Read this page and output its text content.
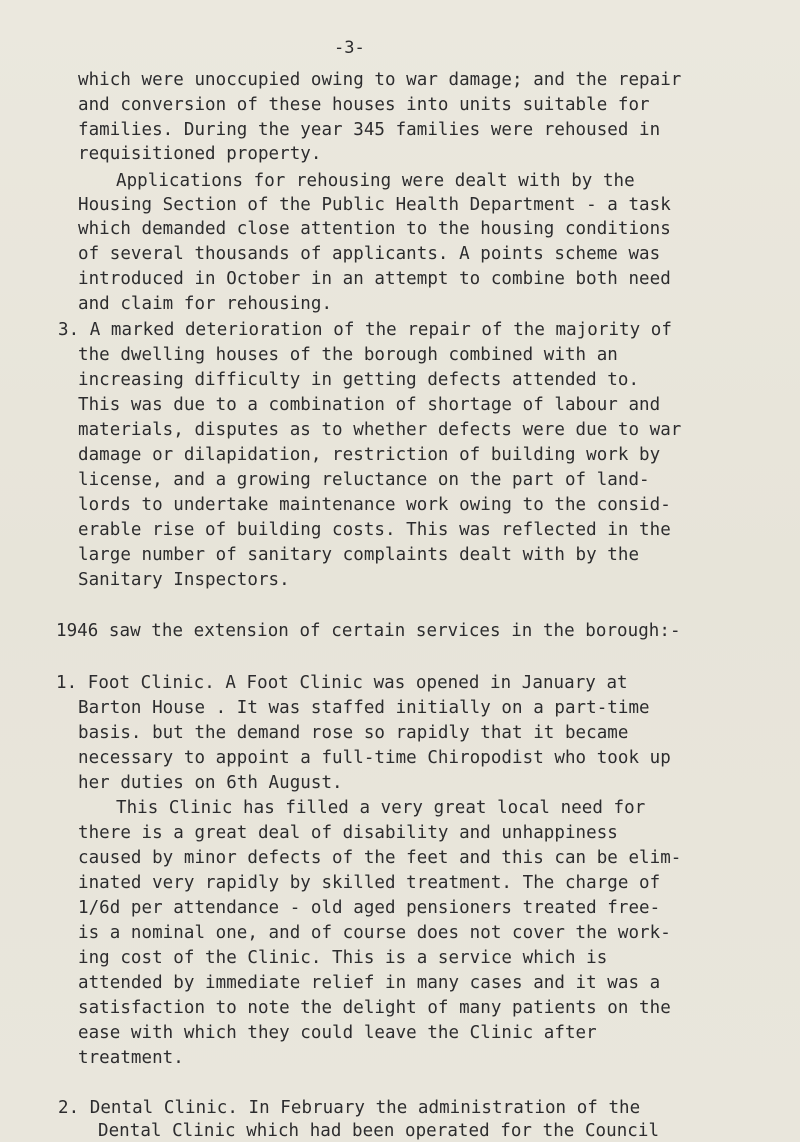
-3-
which were unoccupied owing to war damage; and the repair
and conversion of these houses into units suitable for
families. During the year 345 families were rehoused in
requisitioned property.
Applications for rehousing were dealt with by the
Housing Section of the Public Health Department - a task
which demanded close attention to the housing conditions
of several thousands of applicants. A points scheme was
introduced in October in an attempt to combine both need
and claim for rehousing.
3. A marked deterioration of the repair of the majority of
the dwelling houses of the borough combined with an
increasing difficulty in getting defects attended to.
This was due to a combination of shortage of labour and
materials, disputes as to whether defects were due to war
damage or dilapidation, restriction of building work by
license, and a growing reluctance on the part of land-
lords to undertake maintenance work owing to the consid-
erable rise of building costs. This was reflected in the
large number of sanitary complaints dealt with by the
Sanitary Inspectors.
1946 saw the extension of certain services in the borough:-
1. Foot Clinic. A Foot Clinic was opened in January at
Barton House . It was staffed initially on a part-time
basis. but the demand rose so rapidly that it became
necessary to appoint a full-time Chiropodist who took up
her duties on 6th August.
This Clinic has filled a very great local need for
there is a great deal of disability and unhappiness
caused by minor defects of the feet and this can be elim-
inated very rapidly by skilled treatment. The charge of
1/6d per attendance - old aged pensioners treated free-
is a nominal one, and of course does not cover the work-
ing cost of the Clinic. This is a service which is
attended by immediate relief in many cases and it was a
satisfaction to note the delight of many patients on the
ease with which they could leave the Clinic after
treatment.
2. Dental Clinic. In February the administration of the
Dental Clinic which had been operated for the Council
